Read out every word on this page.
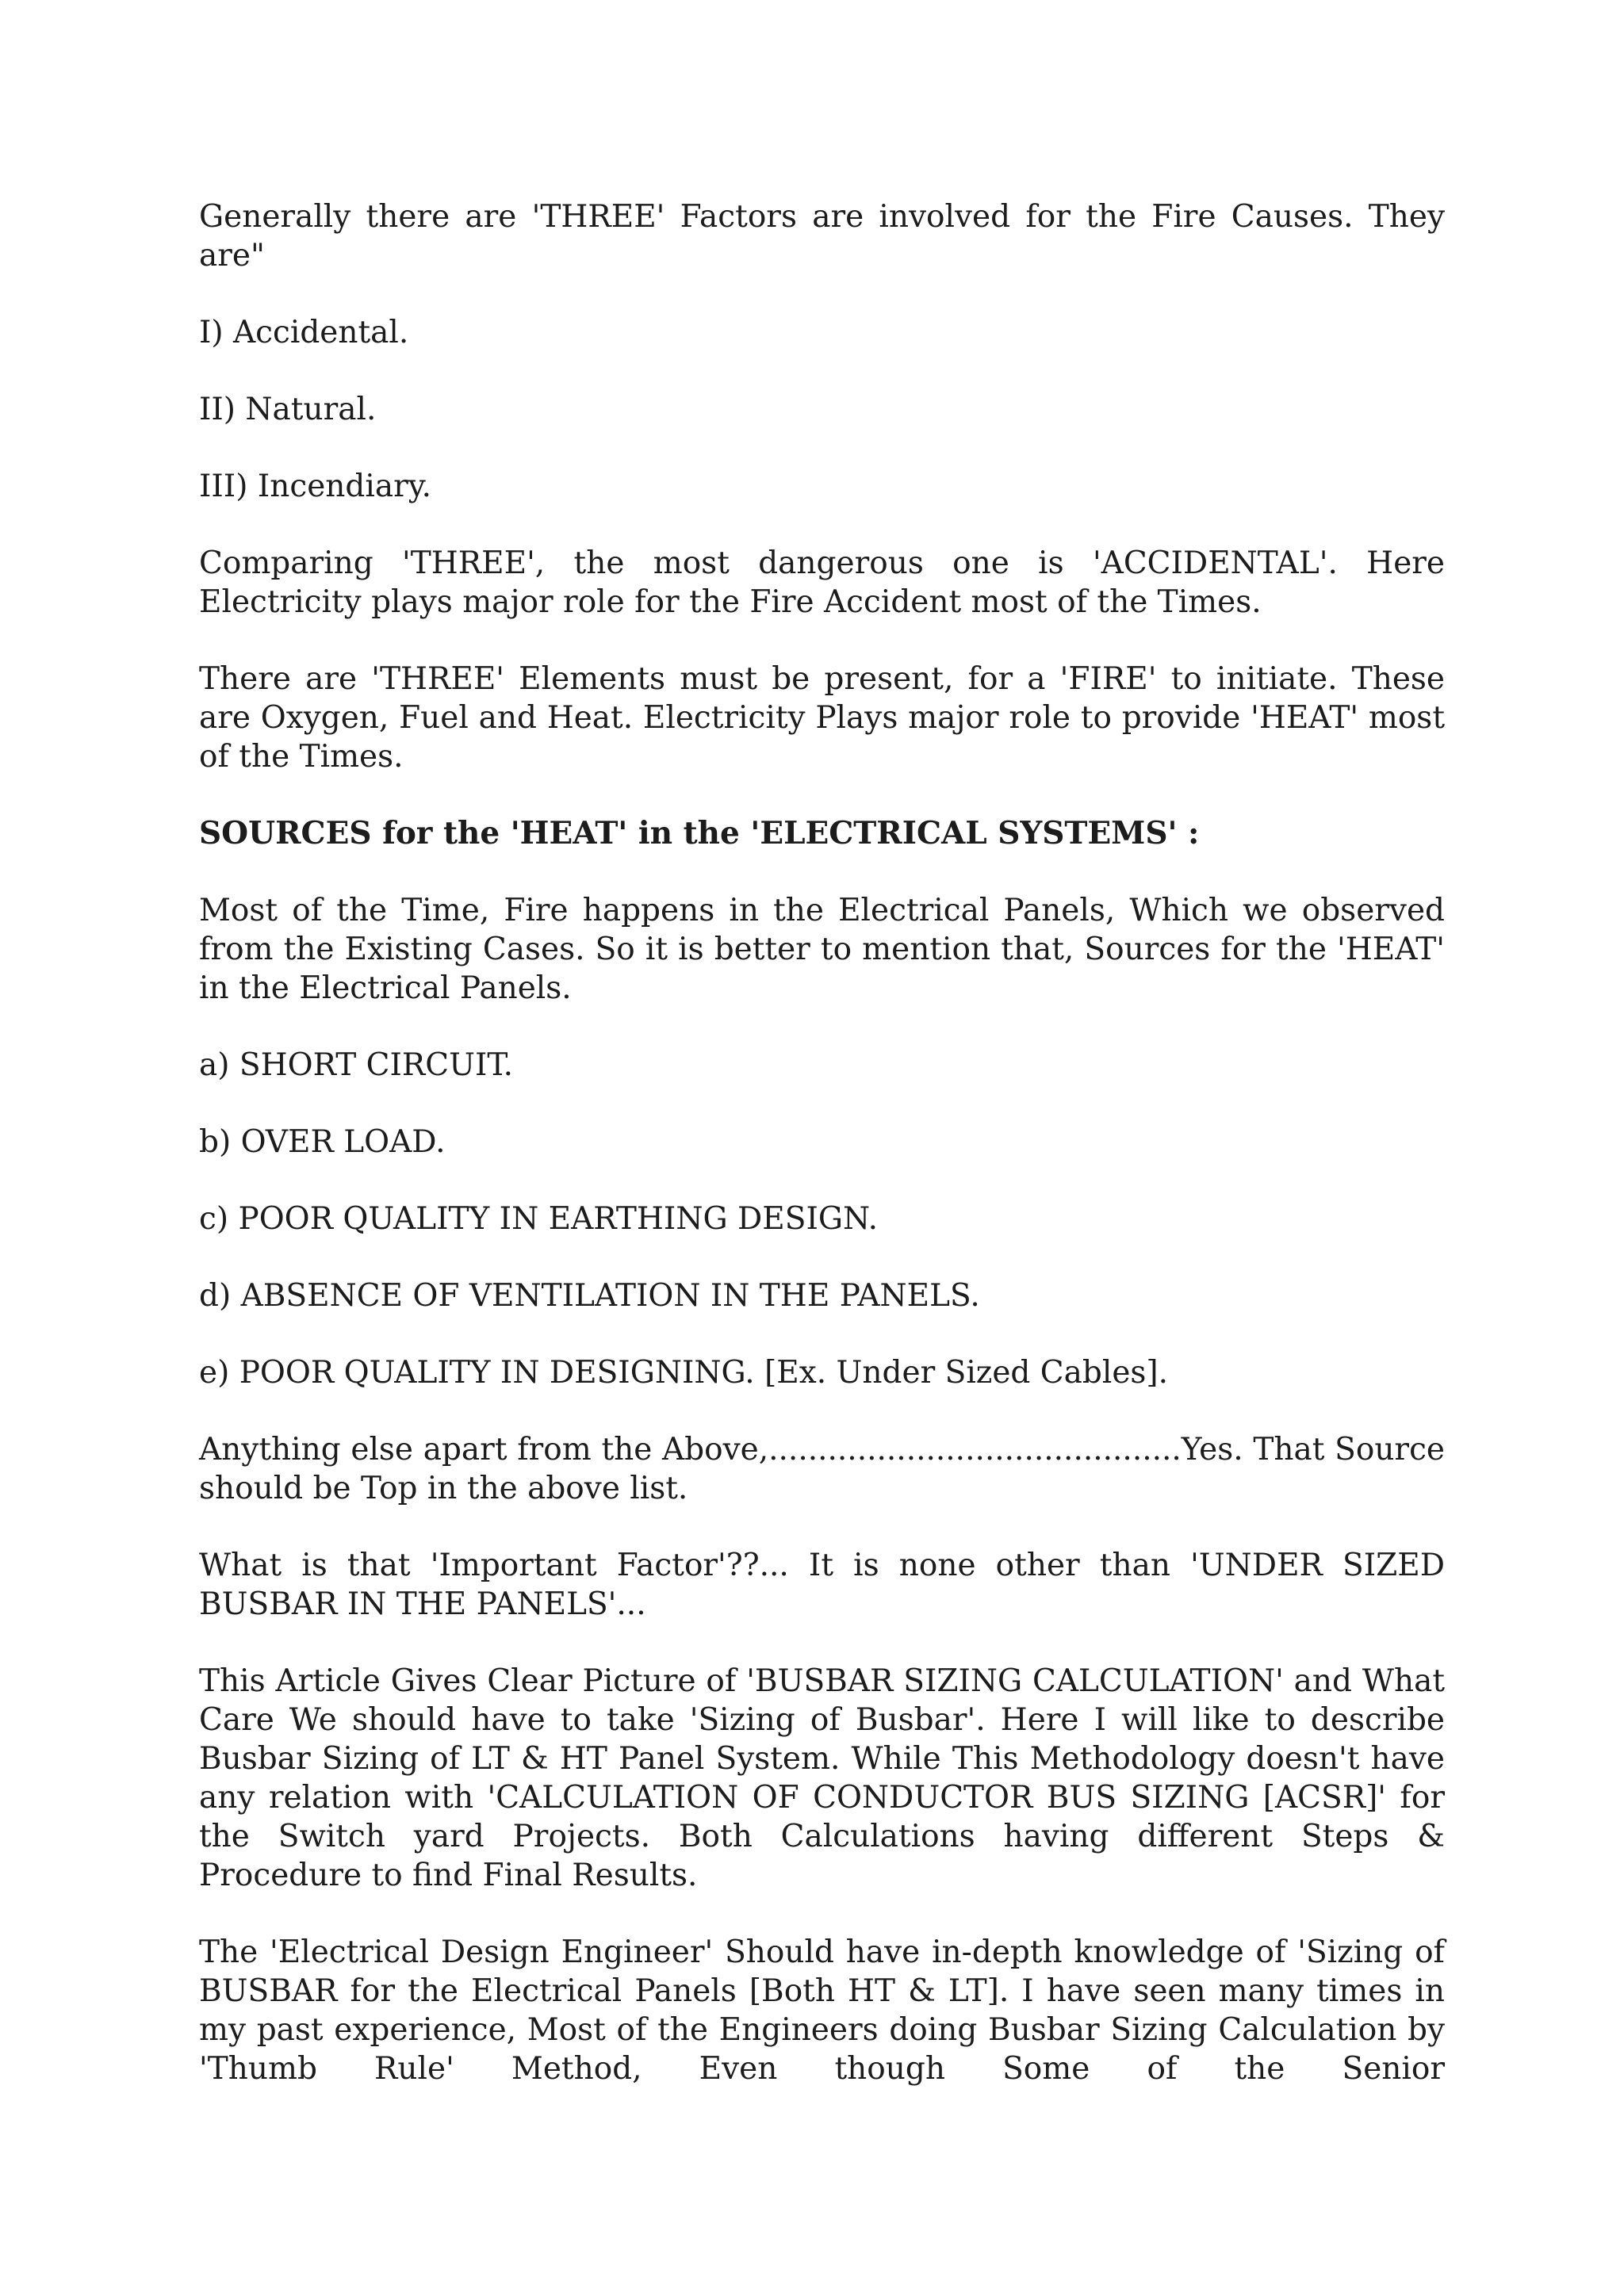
Generally there are 'THREE' Factors are involved for the Fire Causes. They are"

I) Accidental.

II) Natural.

III) Incendiary.

Comparing 'THREE', the most dangerous one is 'ACCIDENTAL'. Here Electricity plays major role for the Fire Accident most of the Times.

There are 'THREE' Elements must be present, for a 'FIRE' to initiate. These are Oxygen, Fuel and Heat. Electricity Plays major role to provide 'HEAT' most of the Times.

SOURCES for the 'HEAT' in the 'ELECTRICAL SYSTEMS' :

Most of the Time, Fire happens in the Electrical Panels, Which we observed from the Existing Cases. So it is better to mention that, Sources for the 'HEAT' in the Electrical Panels.

a) SHORT CIRCUIT.

b) OVER LOAD.

c) POOR QUALITY IN EARTHING DESIGN.

d) ABSENCE OF VENTILATION IN THE PANELS.

e) POOR QUALITY IN DESIGNING. [Ex. Under Sized Cables].

Anything else apart from the Above,..........................................Yes. That Source should be Top in the above list.

What is that 'Important Factor'??... It is none other than 'UNDER SIZED BUSBAR IN THE PANELS'...

This Article Gives Clear Picture of 'BUSBAR SIZING CALCULATION' and What Care We should have to take 'Sizing of Busbar'. Here I will like to describe Busbar Sizing of LT & HT Panel System. While This Methodology doesn't have any relation with 'CALCULATION OF CONDUCTOR BUS SIZING [ACSR]' for the Switch yard Projects. Both Calculations having different Steps & Procedure to find Final Results.

The 'Electrical Design Engineer' Should have in-depth knowledge of 'Sizing of BUSBAR for the Electrical Panels [Both HT & LT]. I have seen many times in my past experience, Most of the Engineers doing Busbar Sizing Calculation by 'Thumb Rule' Method, Even though Some of the Senior
